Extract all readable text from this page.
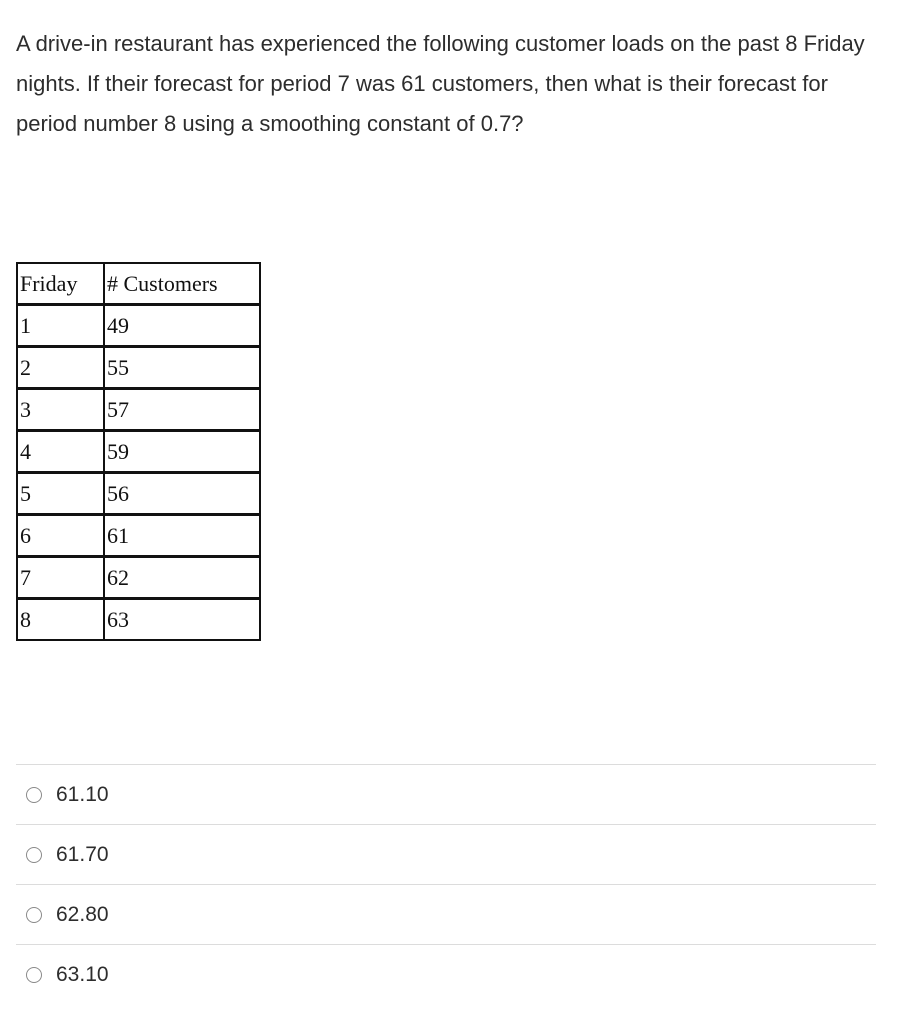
A drive-in restaurant has experienced the following customer loads on the past 8 Friday nights. If their forecast for period 7 was 61 customers, then what is their forecast for period number 8 using a smoothing constant of 0.7?

Friday	# Customers
1	49
2	55
3	57
4	59
5	56
6	61
7	62
8	63
61.10
61.70
62.80
63.10
